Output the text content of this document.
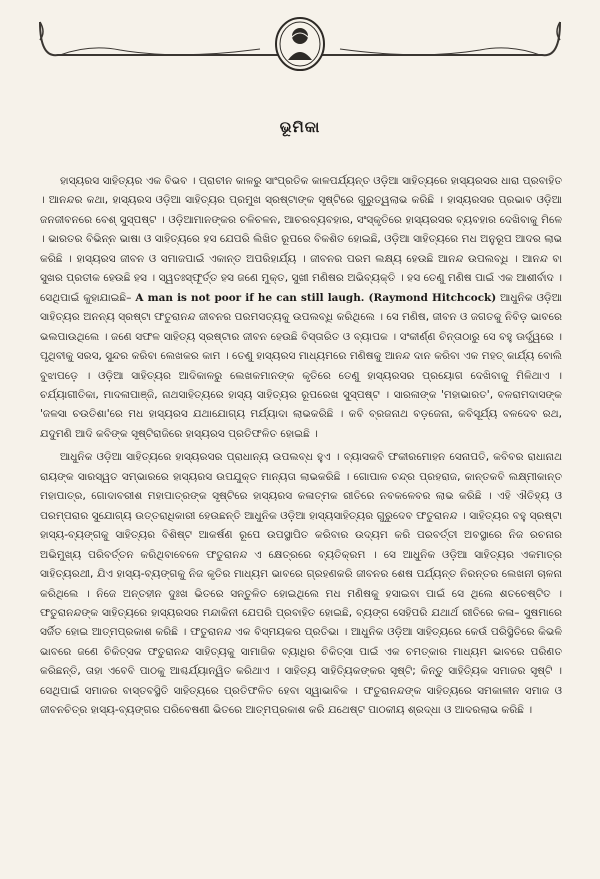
ଭୂମିକା

ହାସ୍ୟରସ ସାହିତ୍ୟର ଏକ ବିଭବ । ପ୍ରାଚୀନ କାଳରୁ ସାଂପ୍ରତିକ କାଳପର୍ଯ୍ୟନ୍ତ ଓଡ଼ିଆ ସାହିତ୍ୟରେ ହାସ୍ୟରସର ଧାରା ପ୍ରବାହିତ । ଆନନ୍ଦର କଥା, ହାସ୍ୟରସ ଓଡ଼ିଆ ସାହିତ୍ୟର ପ୍ରମୁଖ ସ୍ରଷ୍ଟାଙ୍କ ସୃଷ୍ଟିରେ ଗୁରୁତ୍ୱଲାଭ କରିଛି । ହାସ୍ୟରସର ପ୍ରଭାବ ଓଡ଼ିଆ ଜନଜୀବନରେ ବେଶ୍ ସୁସ୍ପଷ୍ଟ । ଓଡ଼ିଆମାନଙ୍କର ଚଳିଚଳନ, ଆଚରବ୍ୟବହାର, ସଂସ୍କୃତିରେ ହାସ୍ୟରସର ବ୍ୟବହାର ଦେଖିବାକୁ ମିଳେ । ଭାରତର ବିଭିନ୍ନ ଭାଷା ଓ ସାହିତ୍ୟରେ ହସ ଯେପରି ଲିଖିତ ରୂପରେ ବିକଶିତ ହୋଇଛି, ଓଡ଼ିଆ ସାହିତ୍ୟରେ ମଧ ଅନୁରୂପ ଆଦର ଲାଭ କରିଛି । ହାସ୍ୟରସ ଜୀବନ ଓ ସମାଜପାଇଁ ଏକାନ୍ତ ଅପରିହାର୍ଯ୍ୟ । ଜୀବନର ପରମ ଲକ୍ଷ୍ୟ ହେଉଛି ଆନନ୍ଦ ଉପଲବ୍ଧି । ଆନନ୍ଦ ବା ସୁଖର ପ୍ରତୀକ ହେଉଛି ହସ । ସ୍ୱତଃସ୍ଫୂର୍ତ୍ତ ହସ ଜଣେ ମୁକ୍ତ, ସୁଖୀ ମଣିଷର ଅଭିବ୍ୟକ୍ତି । ହସ ତେଣୁ ମଣିଷ ପାଇଁ ଏକ ଆଶୀର୍ବାଦ । ସେଥିପାଇଁ କୁହାଯାଇଛି– A man is not poor if he can still laugh. (Raymond Hitchcock) ଆଧୁନିକ ଓଡ଼ିଆ ସାହିତ୍ୟର ଅନନ୍ୟ ସ୍ରଷ୍ଟା ଫତୁରାନନ୍ଦ ଜୀବନର ପରମସତ୍ୟକୁ ଉପଲବ୍ଧି କରିଥିଲେ । ସେ ମଣିଷ, ଜୀବନ ଓ ଜଗତକୁ ନିବିଡ଼ ଭାବରେ ଭଲପାଉଥିଲେ । ଜଣେ ସଫଳ ସାହିତ୍ୟ ସ୍ରଷ୍ଟାର ଜୀବନ ହେଉଛି ବିସ୍ତାରିତ ଓ ବ୍ୟାପକ । ସଂକୀର୍ଣ୍ଣ ଚିନ୍ତାଠାରୁ ସେ ବହୁ ଊର୍ଦ୍ଧ୍ୱରେ । ପୃଥିବୀକୁ ସରସ, ସୁନ୍ଦର କରିବା ଲେଖକର କାମ । ତେଣୁ ହାସ୍ୟରସ ମାଧ୍ୟମରେ ମଣିଷକୁ ଆନନ୍ଦ ଦାନ କରିବା ଏକ ମହତ୍ କାର୍ଯ୍ୟ ବୋଲି ବୁଝାପଡ଼େ । ଓଡ଼ିଆ ସାହିତ୍ୟର ଆଦିକାଳରୁ ଲେଖକମାନଙ୍କ କୃତିରେ ତେଣୁ ହାସ୍ୟରସର ପ୍ରୟୋଗ ଦେଖିବାକୁ ମିଳିଥାଏ । ଚର୍ଯ୍ୟାଗୀତିକା, ମାଦଳାପାଞ୍ଜି, ନାଥସାହିତ୍ୟରେ ହାସ୍ୟ ସାହିତ୍ୟର ରୂପରେଖ ସୁସ୍ପଷ୍ଟ । ସାରଳାଙ୍କ 'ମହାଭାରତ', ବଳରାମଦାସଙ୍କ 'ଜଳସା ଚଉତିଶା'ରେ ମଧ ହାସ୍ୟରସ ଯଥାଯୋଗ୍ୟ ମର୍ଯ୍ୟାଦା ଲାଭକରିଛି । କବି ବ୍ରଜନାଥ ବଡ଼ଜେନା, କବିସୂର୍ଯ୍ୟ ବଳଦେବ ରଥ, ଯଦୁମଣି ଆଦି କବିଙ୍କ ସୃଷ୍ଟିରାଜିରେ ହାସ୍ୟରସ ପ୍ରତିଫଳିତ ହୋଇଛି ।

ଆଧୁନିକ ଓଡ଼ିଆ ସାହିତ୍ୟରେ ହାସ୍ୟରସର ପ୍ରାଧାନ୍ୟ ଉପଲବ୍ଧ ହୁଏ । ବ୍ୟାସକବି ଫକୀରମୋହନ ସେନାପତି, କବିବର ରାଧାନାଥ ରାୟଙ୍କ ସାରସ୍ୱତ ସମ୍ଭାରରେ ହାସ୍ୟରସ ଉପଯୁକ୍ତ ମାନ୍ୟତା ଲାଭକରିଛି । ଗୋପାଳ ଚନ୍ଦ୍ର ପ୍ରହରାଜ, କାନ୍ତକବି ଲକ୍ଷ୍ମୀକାନ୍ତ ମହାପାତ୍ର, ଗୋଦାବରୀଶ ମହାପାତ୍ରଙ୍କ ସୃଷ୍ଟିରେ ହାସ୍ୟରସ କଳାତ୍ମକ ରୀତିରେ ନବକଳେବର ଲାଭ କରିଛି । ଏହି ଐତିହ୍ୟ ଓ ପରମ୍ପରାର ସୁଯୋଗ୍ୟ ଉତ୍ତରାଧିକାରୀ ହେଉଛନ୍ତି ଆଧୁନିକ ଓଡ଼ିଆ ହାସ୍ୟସାହିତ୍ୟର ଗୁରୁଦେବ ଫତୁରାନନ୍ଦ । ସାହିତ୍ୟର ବହୁ ସ୍ରଷ୍ଟା ହାସ୍ୟ-ବ୍ୟଙ୍ଗକୁ ସାହିତ୍ୟର ବିଶିଷ୍ଟ ଆକର୍ଷଣ ରୂପେ ଉପସ୍ଥାପିତ କରିବାର ଉଦ୍ୟମ କରି ପରବର୍ତ୍ତୀ ଅବସ୍ଥାରେ ନିଜ ରଚନାର ଅଭିମୁଖ୍ୟ ପରିବର୍ତ୍ତନ କରିଥିବାବେଳେ ଫତୁରାନନ୍ଦ ଏ କ୍ଷେତ୍ରରେ ବ୍ୟତିକ୍ରମ । ସେ ଆଧୁନିକ ଓଡ଼ିଆ ସାହିତ୍ୟର ଏକମାତ୍ର ସାହିତ୍ୟରଥୀ, ଯିଏ ହାସ୍ୟ-ବ୍ୟଙ୍ଗକୁ ନିଜ କୃତିର ମାଧ୍ୟମ ଭାବରେ ଗ୍ରହଣକରି ଜୀବନର ଶେଷ ପର୍ଯ୍ୟନ୍ତ ନିରନ୍ତର ଲେଖନୀ ଚାଳନା କରିଥିଲେ । ନିଜେ ଅନ୍ତହୀନ ଦୁଃଖ ଭିତରେ ସନ୍ତୁଳିତ ହୋଇଥିଲେ ମଧ ମଣିଷକୁ ହସାଇବା ପାଇଁ ସେ ଥିଲେ ଶତଚେଷ୍ଟିତ । ଫତୁରାନନ୍ଦଙ୍କ ସାହିତ୍ୟରେ ହାସ୍ୟରସର ମନ୍ଦାକିନୀ ଯେପରି ପ୍ରବାହିତ ହୋଇଛି, ବ୍ୟଙ୍ଗ ସେହିପରି ଯଥାର୍ଥ ରୀତିରେ କଳା– ସୁଷମାରେ ସର୍ଜିତ ହୋଇ ଆତ୍ମପ୍ରକାଶ କରିଛି । ଫତୁରାନନ୍ଦ ଏକ ବିସ୍ମୟକର ପ୍ରତିଭା । ଆଧୁନିକ ଓଡ଼ିଆ ସାହିତ୍ୟରେ କେଉଁ ପରିସ୍ଥିତିରେ କିଭଳି ଭାବରେ ଜଣେ ଚିକିତ୍ସକ ଫତୁରାନନ୍ଦ ସାହିତ୍ୟକୁ ସାମାଜିକ ବ୍ୟାଧିର ଚିକିତ୍ସା ପାଇଁ ଏକ ଚମତ୍କାର ମାଧ୍ୟମ ଭାବରେ ପରିଣତ କରିଛନ୍ତି, ତାହା ଏବେବି ପାଠକୁ ଆଶ୍ଚର୍ଯ୍ୟାନ୍ୱିତ କରିଥାଏ । ସାହିତ୍ୟ ସାହିତ୍ୟିକଙ୍କର ସୃଷ୍ଟି; କିନ୍ତୁ ସାହିତ୍ୟିକ ସମାଜର ସୃଷ୍ଟି । ସେଥିପାଇଁ ସମାଜର ବାସ୍ତବସ୍ଥିତି ସାହିତ୍ୟରେ ପ୍ରତିଫଳିତ ହେବା ସ୍ୱାଭାବିକ । ଫତୁରାନନ୍ଦଙ୍କ ସାହିତ୍ୟରେ ସମକାଳୀନ ସମାଜ ଓ ଜୀବନଚିତ୍ର ହାସ୍ୟ-ବ୍ୟଙ୍ଗର ପରିବେଷଣୀ ଭିତରେ ଆତ୍ମପ୍ରକାଶ କରି ଯଥେଷ୍ଟ ପାଠକୀୟ ଶ୍ରଦ୍ଧା ଓ ଆଦରଲାଭ କରିଛି ।
